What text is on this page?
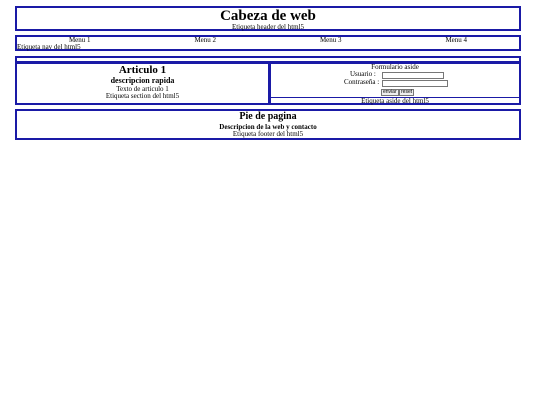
Cabeza de web
Etiqueta header del html5
Menu 1	Menu 2	Menu 3	Menu 4
Etiqueta nav del html5
Articulo 1
descripcion rapida

Texto de articulo 1

Etiqueta section del html5

Formulario aside
Usuario :
Contraseña :
enviar reset
Etiqueta aside del html5
Pie de pagina
Descripcion de la web y contacto
Etiqueta footer del html5
